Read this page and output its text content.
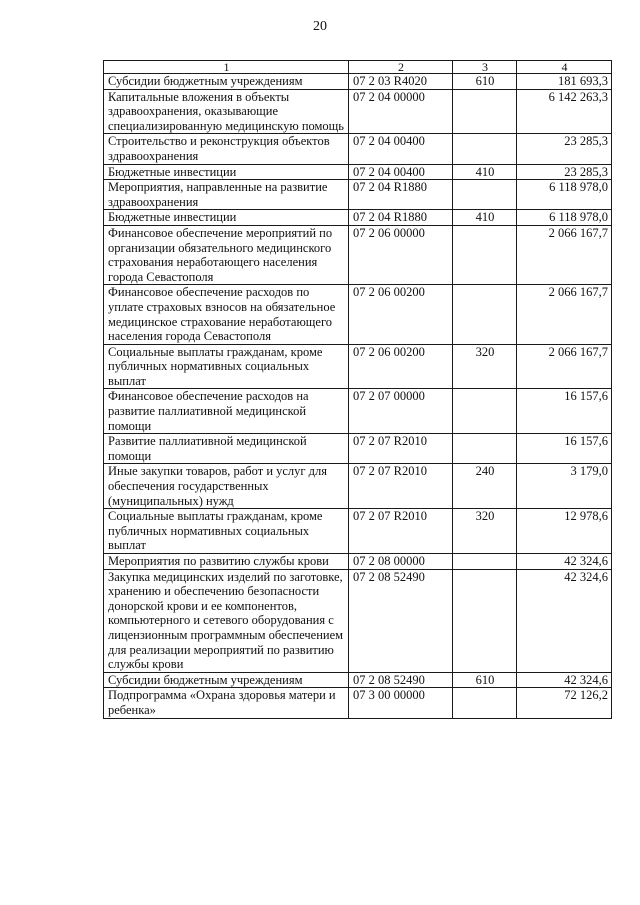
20
1	2	3	4
Субсидии бюджетным учреждениям	07 2 03 R4020	610	181 693,3
Капитальные вложения в объекты здравоохранения, оказывающие специализированную медицинскую помощь	07 2 04 00000		6 142 263,3
Строительство и реконструкция объектов здравоохранения	07 2 04 00400		23 285,3
Бюджетные инвестиции	07 2 04 00400	410	23 285,3
Мероприятия, направленные на развитие здравоохранения	07 2 04 R1880		6 118 978,0
Бюджетные инвестиции	07 2 04 R1880	410	6 118 978,0
Финансовое обеспечение мероприятий по организации обязательного медицинского страхования неработающего населения города Севастополя	07 2 06 00000		2 066 167,7
Финансовое обеспечение расходов по уплате страховых взносов на обязательное медицинское страхование неработающего населения города Севастополя	07 2 06 00200		2 066 167,7
Социальные выплаты гражданам, кроме публичных нормативных социальных выплат	07 2 06 00200	320	2 066 167,7
Финансовое обеспечение расходов на развитие паллиативной медицинской помощи	07 2 07 00000		16 157,6
Развитие паллиативной медицинской помощи	07 2 07 R2010		16 157,6
Иные закупки товаров, работ и услуг для обеспечения государственных (муниципальных) нужд	07 2 07 R2010	240	3 179,0
Социальные выплаты гражданам, кроме публичных нормативных социальных выплат	07 2 07 R2010	320	12 978,6
Мероприятия по развитию службы крови	07 2 08 00000		42 324,6
Закупка медицинских изделий по заготовке, хранению и обеспечению безопасности донорской крови и ее компонентов, компьютерного и сетевого оборудования с лицензионным программным обеспечением для реализации мероприятий по развитию службы крови	07 2 08 52490		42 324,6
Субсидии бюджетным учреждениям	07 2 08 52490	610	42 324,6
Подпрограмма «Охрана здоровья матери и ребенка»	07 3 00 00000		72 126,2
